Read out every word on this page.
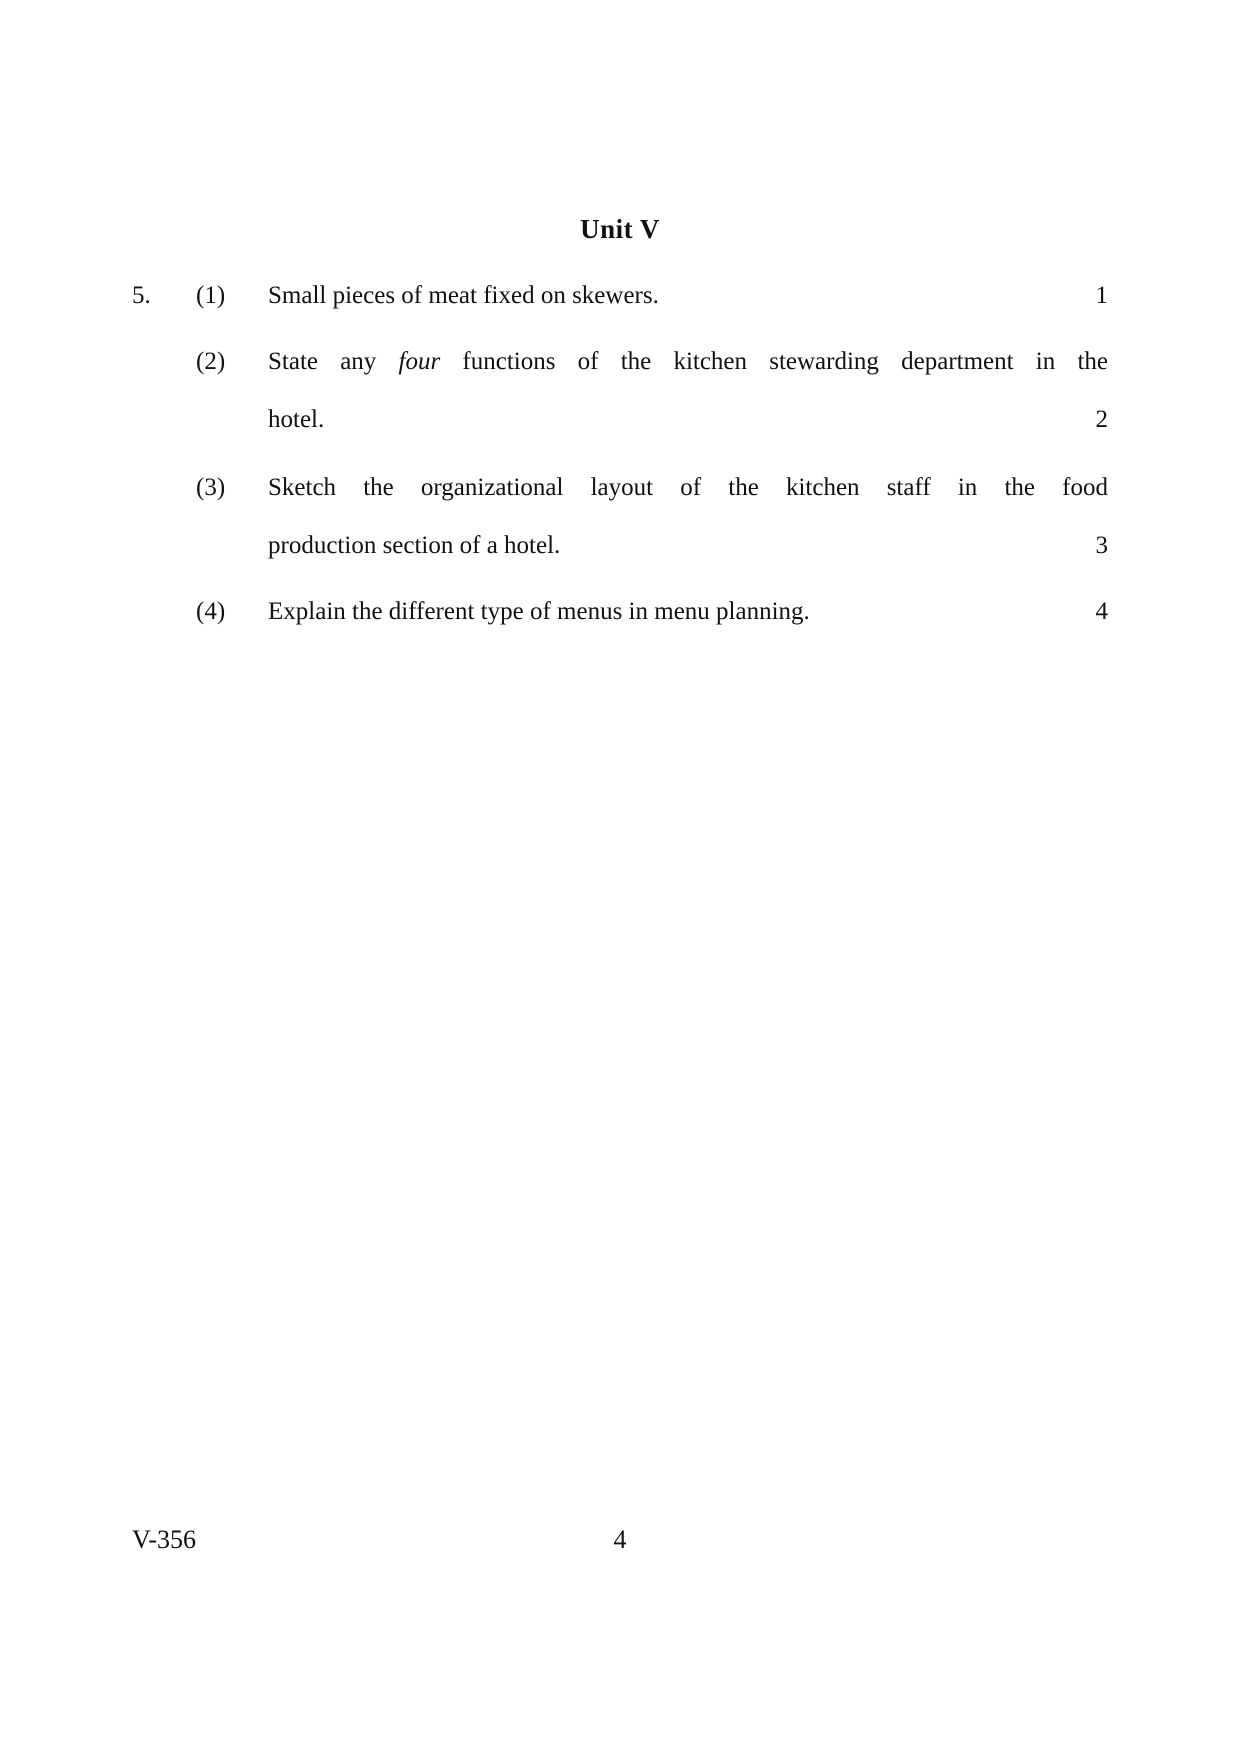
Unit V
5. (1) Small pieces of meat fixed on skewers.	1
(2) State any four functions of the kitchen stewarding department in the
hotel.	2
(3) Sketch the organizational layout of the kitchen staff in the food
production section of a hotel.	3
(4) Explain the different type of menus in menu planning.	4
V-356	4
